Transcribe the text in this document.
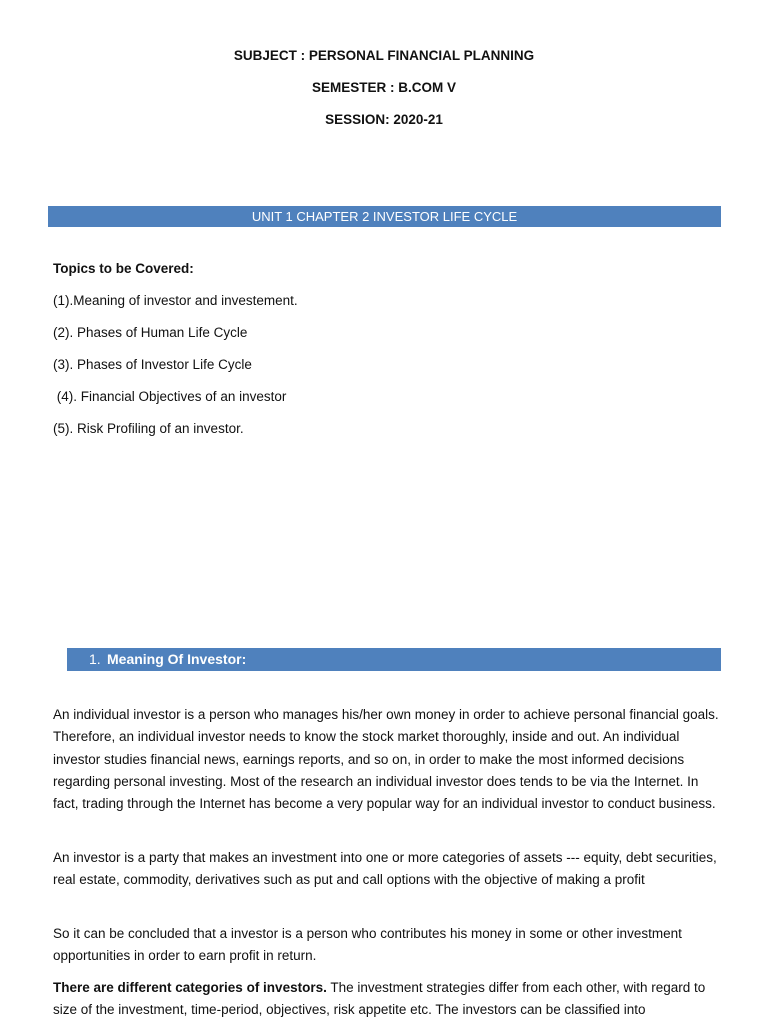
SUBJECT : PERSONAL FINANCIAL PLANNING
SEMESTER : B.COM V
SESSION: 2020-21
UNIT 1 CHAPTER 2 INVESTOR LIFE CYCLE
Topics to be Covered:
(1).Meaning of investor and investement.
(2). Phases of Human Life Cycle
(3). Phases of Investor Life Cycle
(4). Financial Objectives of an investor
(5). Risk Profiling of an investor.
1. Meaning Of Investor:

An individual investor is a person who manages his/her own money in order to achieve personal financial goals. Therefore, an individual investor needs to know the stock market thoroughly, inside and out. An individual investor studies financial news, earnings reports, and so on, in order to make the most informed decisions regarding personal investing. Most of the research an individual investor does tends to be via the Internet. In fact, trading through the Internet has become a very popular way for an individual investor to conduct business.

An investor is a party that makes an investment into one or more categories of assets --- equity, debt securities, real estate, commodity, derivatives such as put and call options with the objective of making a profit

So it can be concluded that a investor is a person who contributes his money in some or other investment opportunities in order to earn profit in return.

There are different categories of investors. The investment strategies differ from each other, with regard to size of the investment, time-period, objectives, risk appetite etc. The investors can be classified into
